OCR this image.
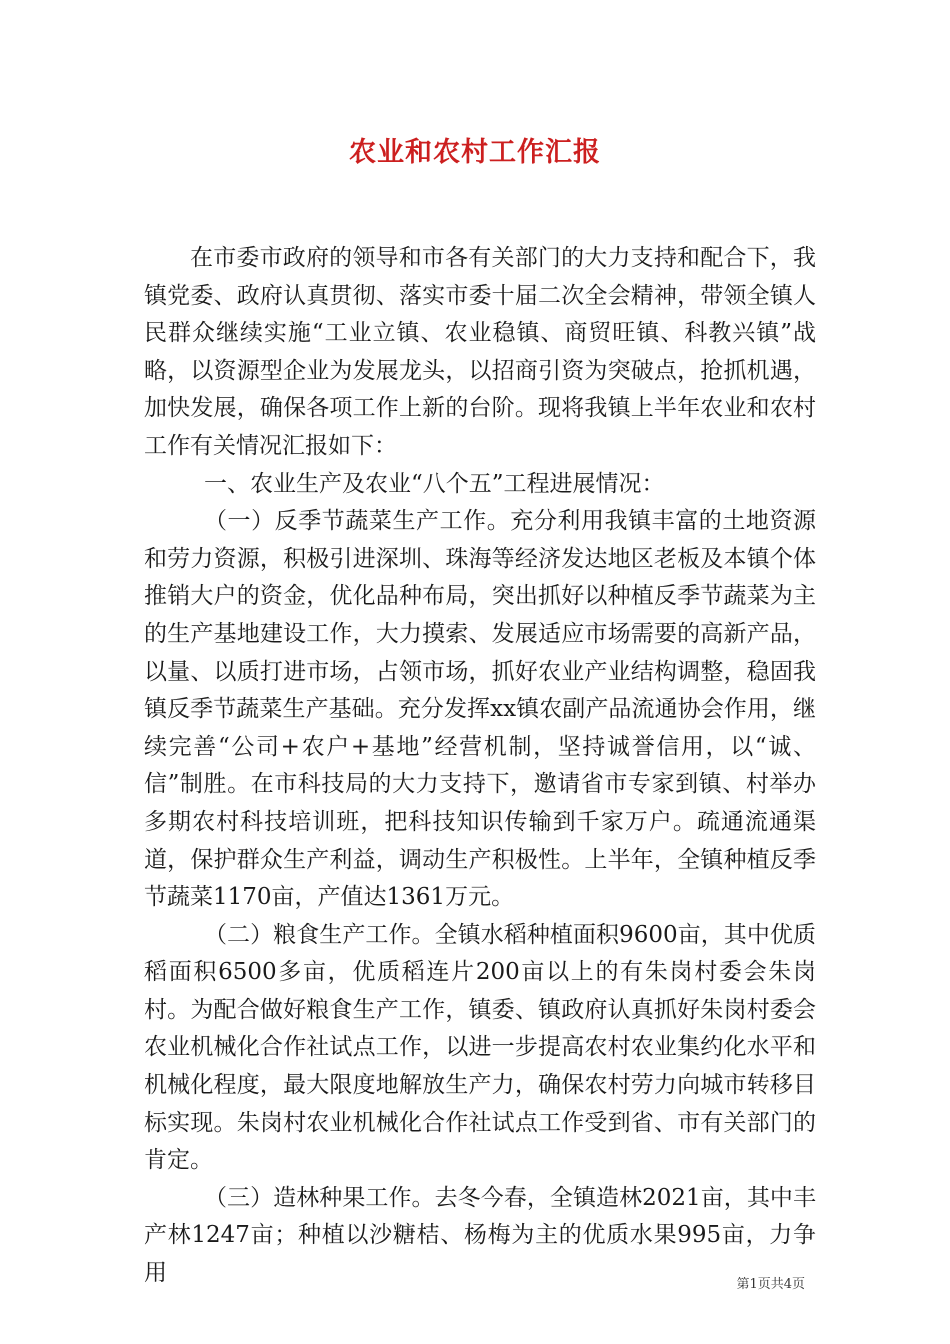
农业和农村工作汇报

在市委市政府的领导和市各有关部门的大力支持和配合下，我镇党委、政府认真贯彻、落实市委十届二次全会精神，带领全镇人民群众继续实施“工业立镇、农业稳镇、商贸旺镇、科教兴镇”战略，以资源型企业为发展龙头，以招商引资为突破点，抢抓机遇，加快发展，确保各项工作上新的台阶。现将我镇上半年农业和农村工作有关情况汇报如下：

一、农业生产及农业“八个五”工程进展情况：

（一）反季节蔬菜生产工作。充分利用我镇丰富的土地资源和劳力资源，积极引进深圳、珠海等经济发达地区老板及本镇个体推销大户的资金，优化品种布局，突出抓好以种植反季节蔬菜为主的生产基地建设工作，大力摸索、发展适应市场需要的高新产品，以量、以质打进市场，占领市场，抓好农业产业结构调整，稳固我镇反季节蔬菜生产基础。充分发挥xx镇农副产品流通协会作用，继续完善“公司+农户+基地”经营机制，坚持诚誉信用，以“诚、信”制胜。在市科技局的大力支持下，邀请省市专家到镇、村举办多期农村科技培训班，把科技知识传输到千家万户。疏通流通渠道，保护群众生产利益，调动生产积极性。上半年，全镇种植反季节蔬菜1170亩，产值达1361万元。

（二）粮食生产工作。全镇水稻种植面积9600亩，其中优质稻面积6500多亩，优质稻连片200亩以上的有朱岗村委会朱岗村。为配合做好粮食生产工作，镇委、镇政府认真抓好朱岗村委会农业机械化合作社试点工作，以进一步提高农村农业集约化水平和机械化程度，最大限度地解放生产力，确保农村劳力向城市转移目标实现。朱岗村农业机械化合作社试点工作受到省、市有关部门的肯定。

（三）造林种果工作。去冬今春，全镇造林2021亩，其中丰产林1247亩；种植以沙糖桔、杨梅为主的优质水果995亩，力争用	第1页共4页
